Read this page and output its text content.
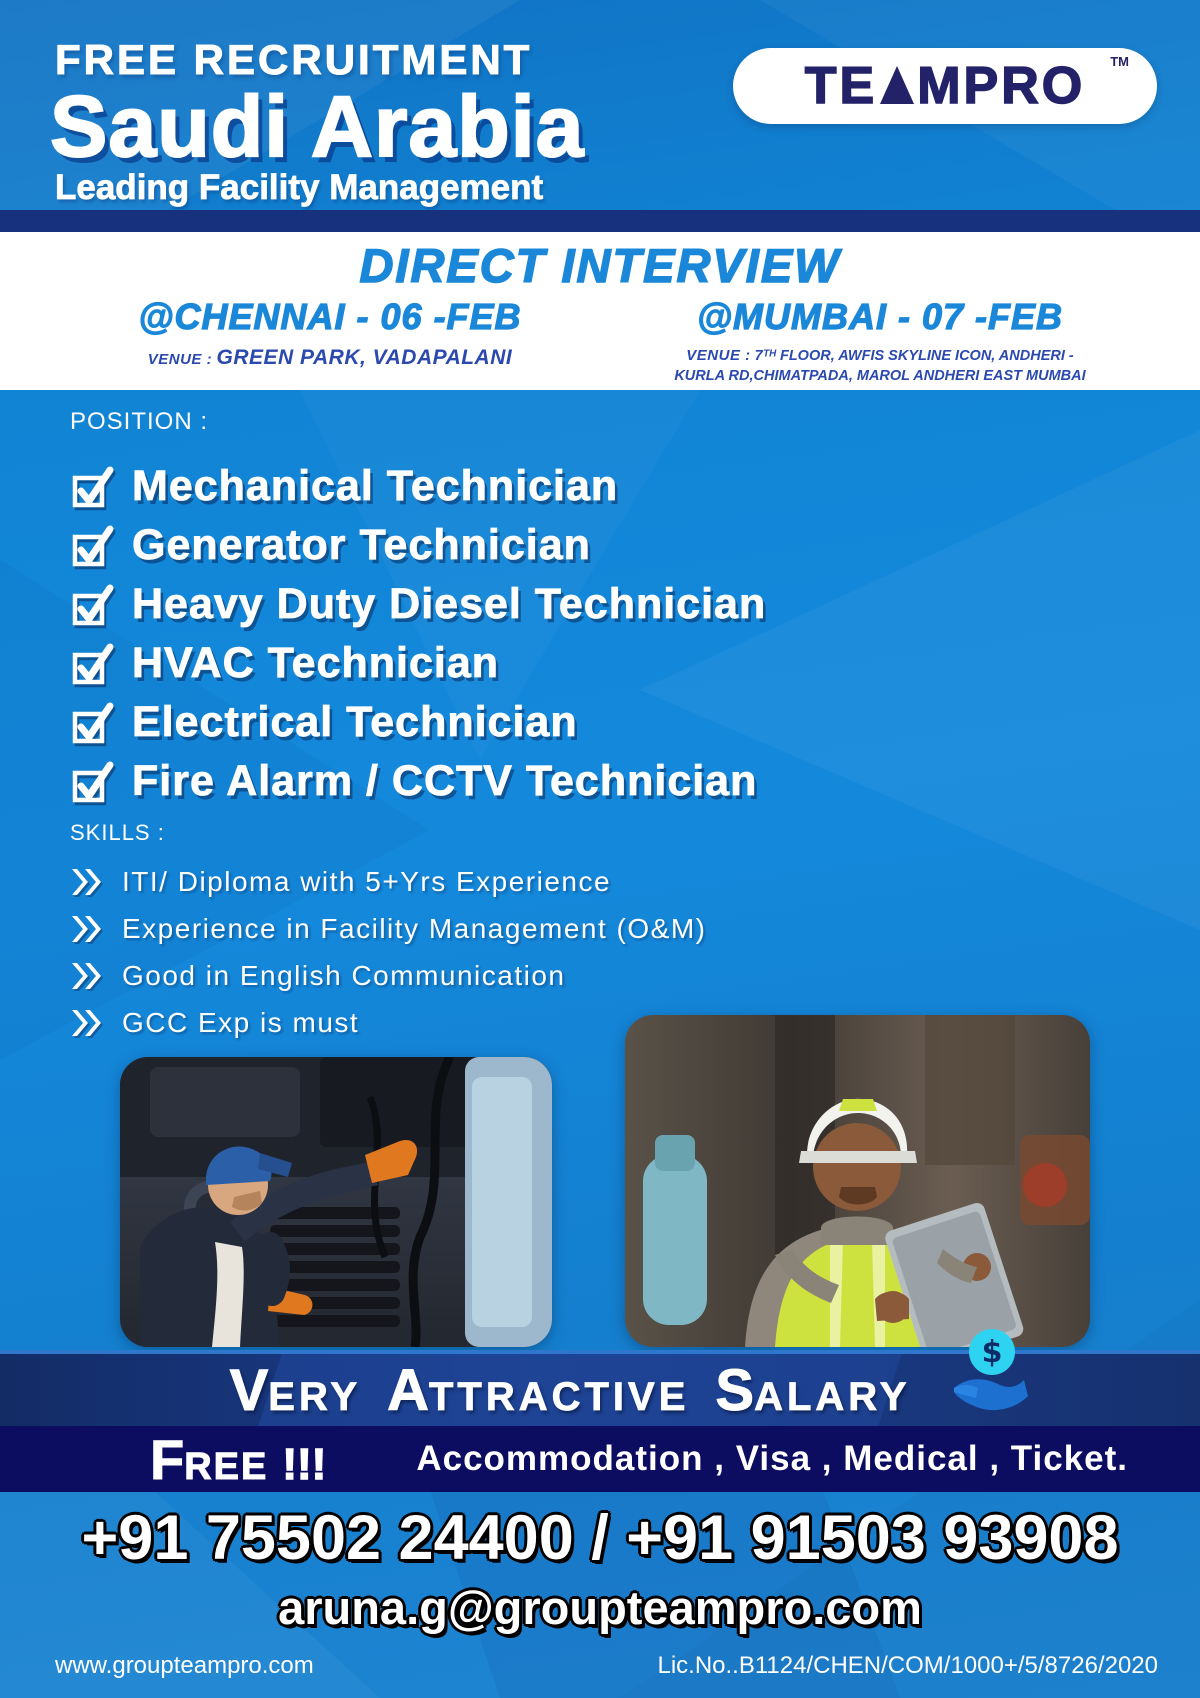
FREE RECRUITMENT
Saudi Arabia
Leading Facility Management
TE MPRO TM
DIRECT INTERVIEW
@CHENNAI - 06 -FEB
VENUE : GREEN PARK, VADAPALANI
@MUMBAI - 07 -FEB
VENUE : 7ᵀᴴ FLOOR, AWFIS SKYLINE ICON, ANDHERI -
KURLA RD,CHIMATPADA, MAROL ANDHERI EAST MUMBAI
POSITION :
Mechanical Technician
Generator Technician
Heavy Duty Diesel Technician
HVAC Technician
Electrical Technician
Fire Alarm / CCTV Technician
SKILLS :
ITI/ Diploma with 5+Yrs Experience
Experience in Facility Management (O&M)
Good in English Communication
GCC Exp is must
VERY ATTRACTIVE SALARY
$
F REE !!!	Accommodation , Visa , Medical , Ticket.
+91 75502 24400 / +91 91503 93908
aruna.g@groupteampro.com
www.groupteampro.com	Lic.No..B1124/CHEN/COM/1000+/5/8726/2020
